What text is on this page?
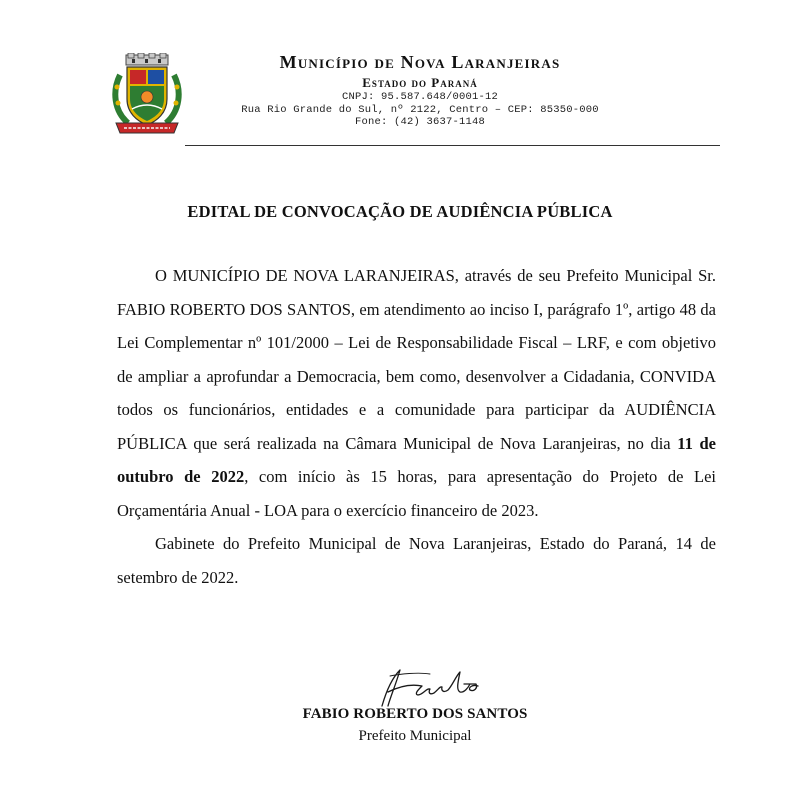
Município de Nova Laranjeiras
Estado do Paraná
CNPJ: 95.587.648/0001-12
Rua Rio Grande do Sul, nº 2122, Centro – CEP: 85350-000
Fone: (42) 3637-1148
EDITAL DE CONVOCAÇÃO DE AUDIÊNCIA PÚBLICA

O MUNICÍPIO DE NOVA LARANJEIRAS, através de seu Prefeito Municipal Sr. FABIO ROBERTO DOS SANTOS, em atendimento ao inciso I, parágrafo 1º, artigo 48 da Lei Complementar nº 101/2000 – Lei de Responsabilidade Fiscal – LRF, e com objetivo de ampliar a aprofundar a Democracia, bem como, desenvolver a Cidadania, CONVIDA todos os funcionários, entidades e a comunidade para participar da AUDIÊNCIA PÚBLICA que será realizada na Câmara Municipal de Nova Laranjeiras, no dia 11 de outubro de 2022, com início às 15 horas, para apresentação do Projeto de Lei Orçamentária Anual - LOA para o exercício financeiro de 2023.

Gabinete do Prefeito Municipal de Nova Laranjeiras, Estado do Paraná, 14 de setembro de 2022.

FABIO ROBERTO DOS SANTOS
Prefeito Municipal
